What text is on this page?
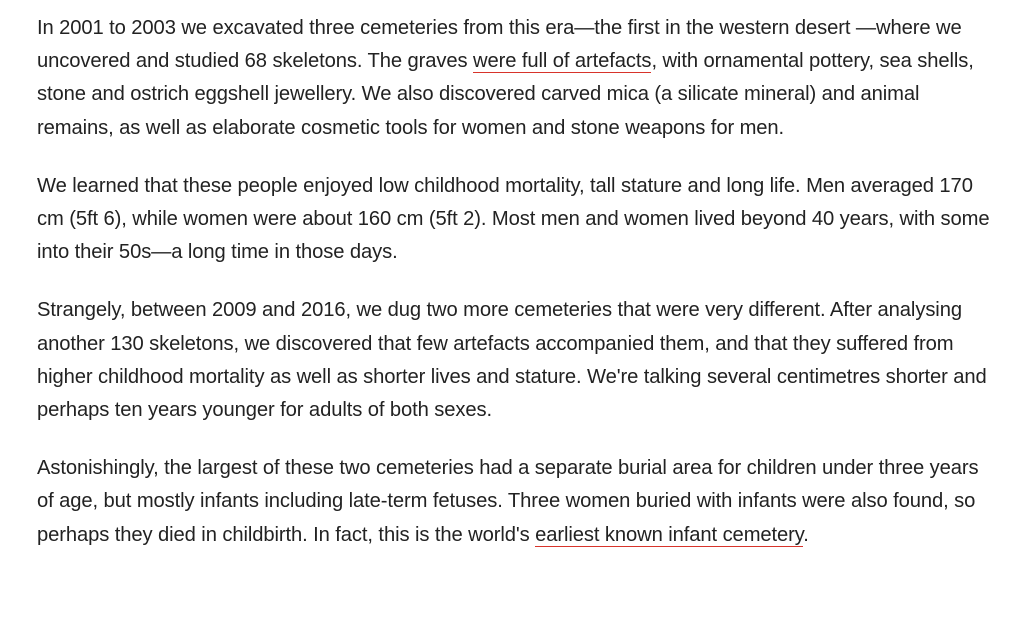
In 2001 to 2003 we excavated three cemeteries from this era—the first in the western desert —where we uncovered and studied 68 skeletons. The graves were full of artefacts, with ornamental pottery, sea shells, stone and ostrich eggshell jewellery. We also discovered carved mica (a silicate mineral) and animal remains, as well as elaborate cosmetic tools for women and stone weapons for men.

We learned that these people enjoyed low childhood mortality, tall stature and long life. Men averaged 170 cm (5ft 6), while women were about 160 cm (5ft 2). Most men and women lived beyond 40 years, with some into their 50s—a long time in those days.

Strangely, between 2009 and 2016, we dug two more cemeteries that were very different. After analysing another 130 skeletons, we discovered that few artefacts accompanied them, and that they suffered from higher childhood mortality as well as shorter lives and stature. We're talking several centimetres shorter and perhaps ten years younger for adults of both sexes.

Astonishingly, the largest of these two cemeteries had a separate burial area for children under three years of age, but mostly infants including late-term fetuses. Three women buried with infants were also found, so perhaps they died in childbirth. In fact, this is the world's earliest known infant cemetery.
